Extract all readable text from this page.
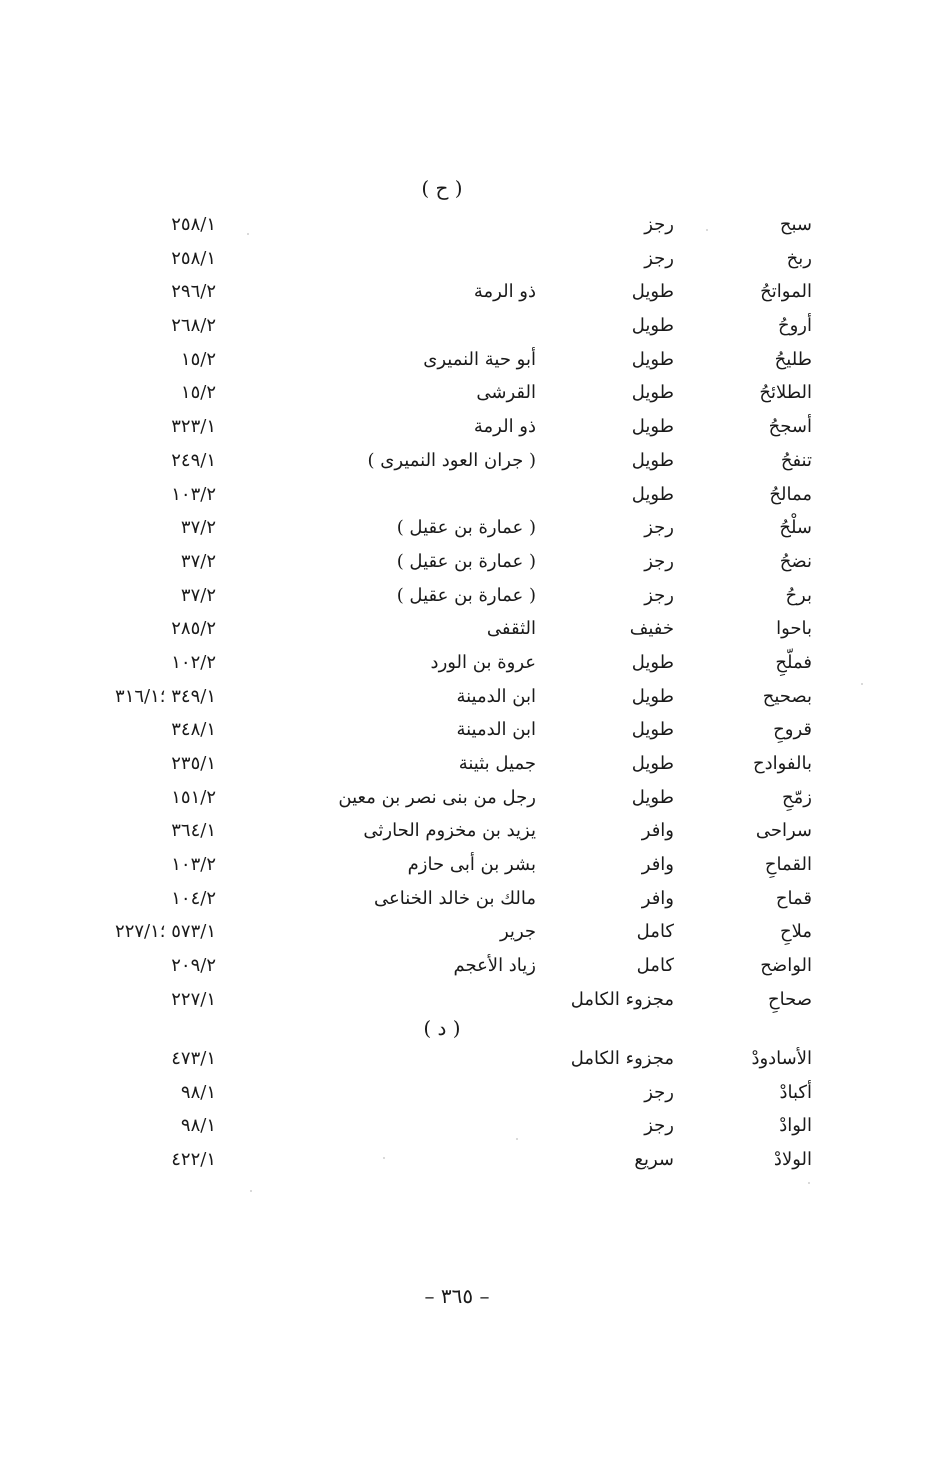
( ح )
سبح
رجز
٢٥٨/١
ربخ
رجز
٢٥٨/١
المواتحُ
طويل
ذو الرمة
٢٩٦/٢
أروحُ
طويل
٢٦٨/٢
طليحُ
طويل
أبو حية النميرى
١٥/٢
الطلائحُ
طويل
القرشى
١٥/٢
أسجحُ
طويل
ذو الرمة
٣٢٣/١
تنفحُ
طويل
( جران العود النميرى )
٢٤٩/١
ممالحُ
طويل
١٠٣/٢
سلْحُ
رجز
( عمارة بن عقيل )
٣٧/٢
نضحُ
رجز
( عمارة بن عقيل )
٣٧/٢
برحُ
رجز
( عمارة بن عقيل )
٣٧/٢
باحوا
خفيف
الثقفى
٢٨٥/٢
فملّحِ
طويل
عروة بن الورد
١٠٢/٢
بصحيح
طويل
ابن الدمينة
٣٤٩/١ ؛٣١٦/١
قروحِ
طويل
ابن الدمينة
٣٤٨/١
بالفوادح
طويل
جميل بثينة
٢٣٥/١
زمّحِ
طويل
رجل من بنى نصر بن معين
١٥١/٢
سراحى
وافر
يزيد بن مخزوم الحارثى
٣٦٤/١
القماحِ
وافر
بشر بن أبى حازم
١٠٣/٢
قماح
وافر
مالك بن خالد الخناعى
١٠٤/٢
ملاحِ
كامل
جرير
٥٧٣/١ ؛٢٢٧/١
الواضح
كامل
زياد الأعجم
٢٠٩/٢
صحاحِ
مجزوء الكامل
٢٢٧/١
( د )
الأسادودْ
مجزوء الكامل
٤٧٣/١
أكبادْ
رجز
٩٨/١
الوادْ
رجز
٩٨/١
الولادْ
سريع
٤٢٢/١
– ٣٦٥ –
